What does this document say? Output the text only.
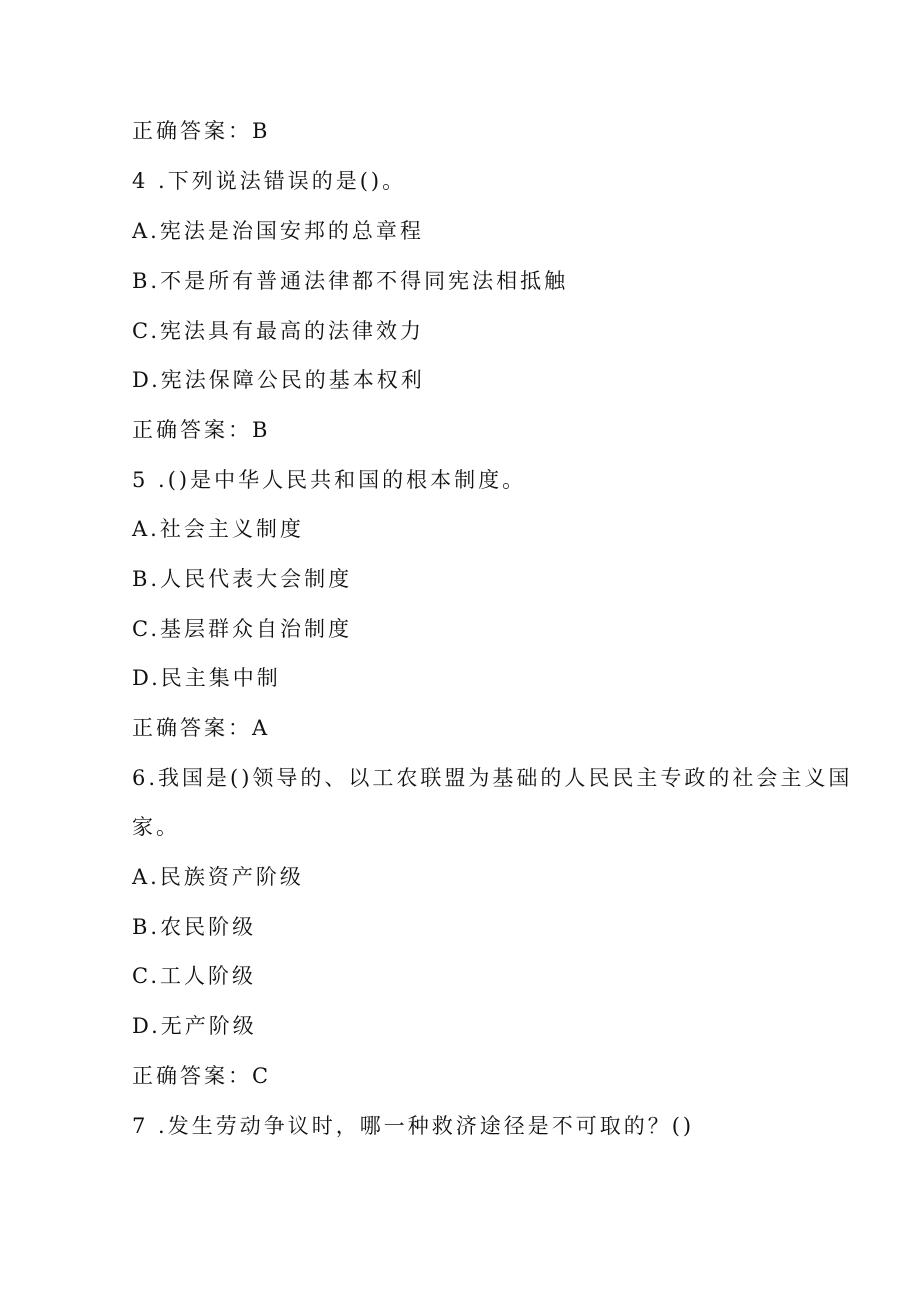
正确答案：B

4 .下列说法错误的是()。

A.宪法是治国安邦的总章程

B.不是所有普通法律都不得同宪法相抵触

C.宪法具有最高的法律效力

D.宪法保障公民的基本权利

正确答案：B

5 .()是中华人民共和国的根本制度。

A.社会主义制度

B.人民代表大会制度

C.基层群众自治制度

D.民主集中制

正确答案：A

6.我国是()领导的、以工农联盟为基础的人民民主专政的社会主义国

家。

A.民族资产阶级

B.农民阶级

C.工人阶级

D.无产阶级

正确答案：C

7 .发生劳动争议时，哪一种救济途径是不可取的？()
